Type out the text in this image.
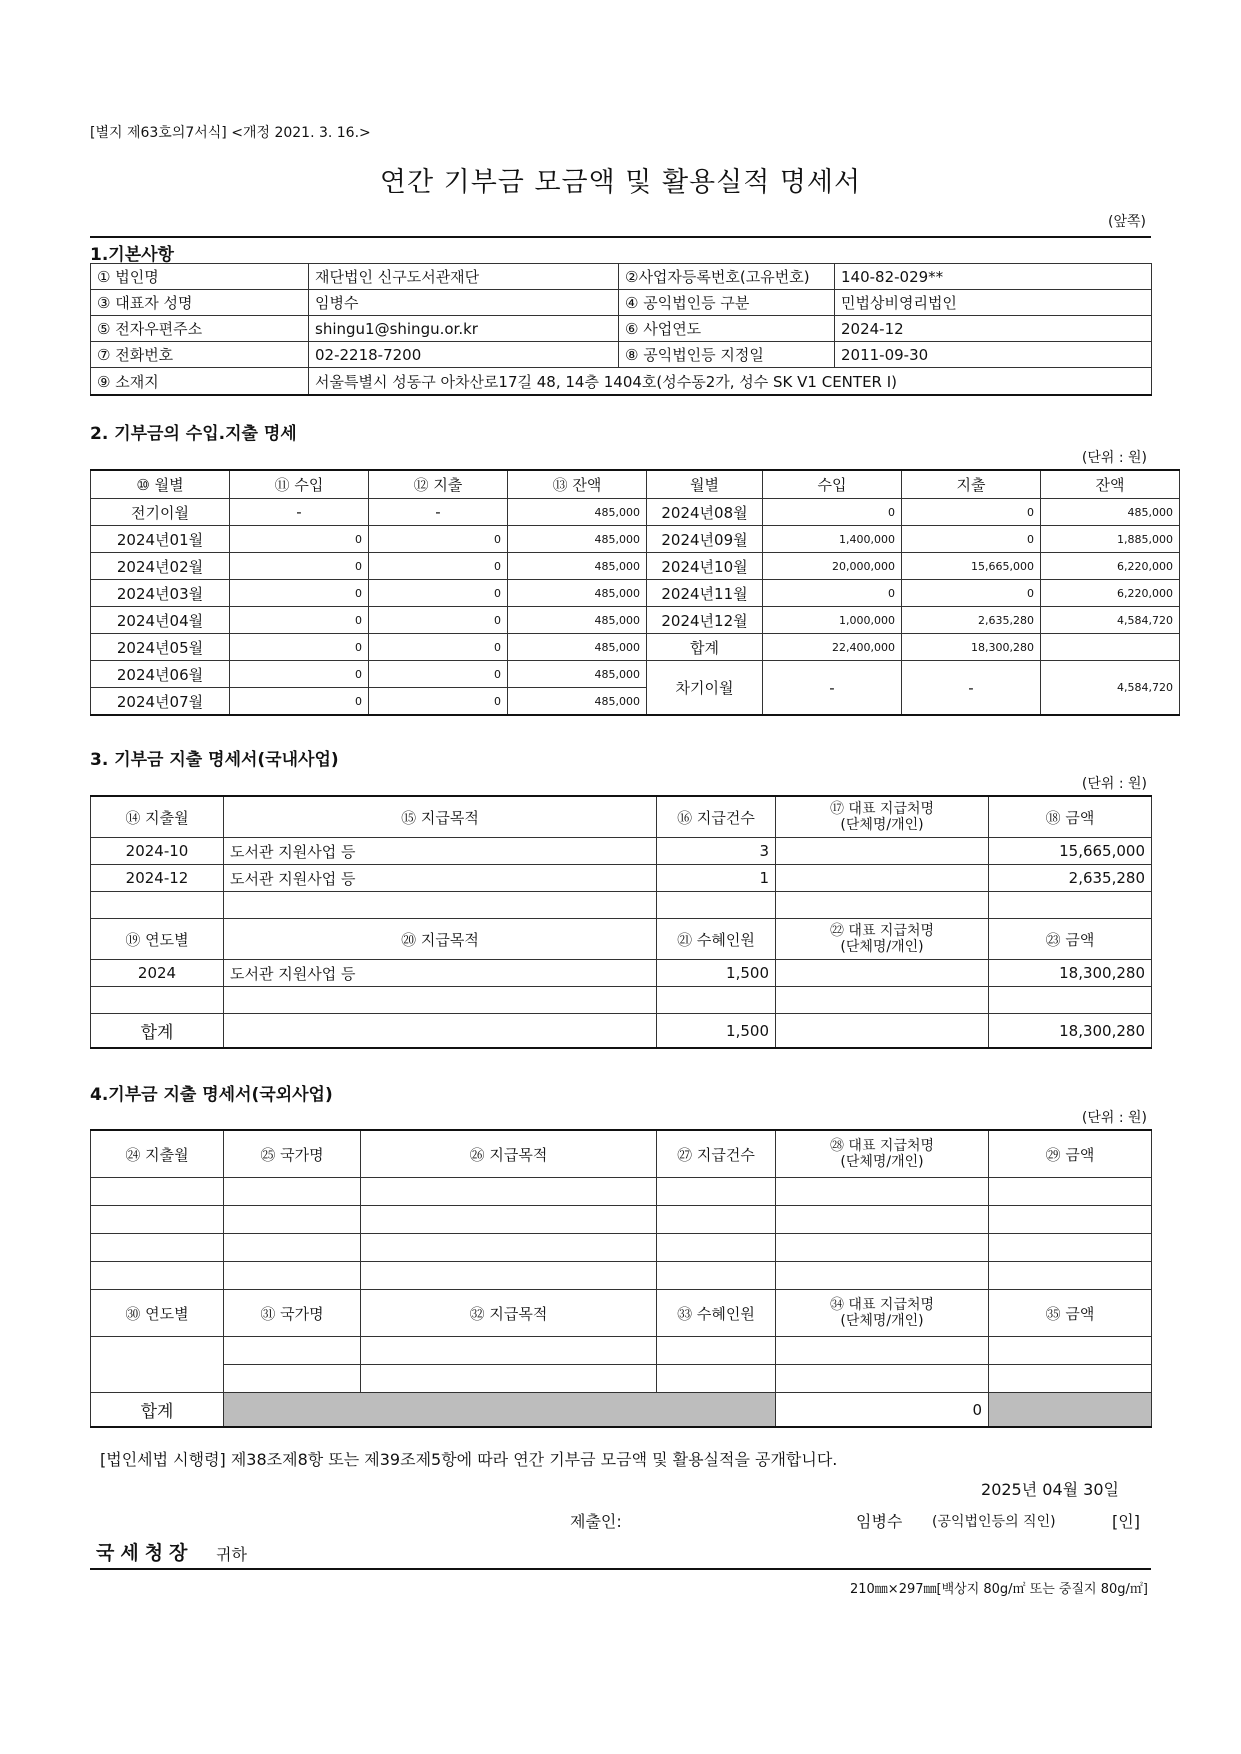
[별지 제63호의7서식] <개정 2021. 3. 16.>
연간 기부금 모금액 및 활용실적 명세서
(앞쪽)
1.기본사항
① 법인명	재단법인 신구도서관재단	②사업자등록번호(고유번호)	140-82-029**
③ 대표자 성명	임병수	④ 공익법인등 구분	민법상비영리법인
⑤ 전자우편주소	shingu1@shingu.or.kr	⑥ 사업연도	2024-12
⑦ 전화번호	02-2218-7200	⑧ 공익법인등 지정일	2011-09-30
⑨ 소재지	서울특별시 성동구 아차산로17길 48, 14층 1404호(성수동2가, 성수 SK V1 CENTER I)		
2. 기부금의 수입.지출 명세
(단위 : 원)
⑩ 월별	⑪ 수입	⑫ 지출	⑬ 잔액	월별	수입	지출	잔액
전기이월	-	-	485,000	2024년08월	0	0	485,000
2024년01월	0	0	485,000	2024년09월	1,400,000	0	1,885,000
2024년02월	0	0	485,000	2024년10월	20,000,000	15,665,000	6,220,000
2024년03월	0	0	485,000	2024년11월	0	0	6,220,000
2024년04월	0	0	485,000	2024년12월	1,000,000	2,635,280	4,584,720
2024년05월	0	0	485,000	합계	22,400,000	18,300,280	
2024년06월	0	0	485,000	차기이월	-	-	4,584,720
2024년07월	0	0	485,000				
3. 기부금 지출 명세서(국내사업)
(단위 : 원)
⑭ 지출월	⑮ 지급목적	⑯ 지급건수	⑰ 대표 지급처명
(단체명/개인)	⑱ 금액
2024-10	도서관 지원사업 등	3		15,665,000
2024-12	도서관 지원사업 등	1		2,635,280

⑲ 연도별	⑳ 지급목적	㉑ 수혜인원	㉒ 대표 지급처명
(단체명/개인)	㉓ 금액
2024	도서관 지원사업 등	1,500		18,300,280

합계		1,500		18,300,280
4.기부금 지출 명세서(국외사업)
(단위 : 원)
㉔ 지출월	㉕ 국가명	㉖ 지급목적	㉗ 지급건수	㉘ 대표 지급처명
(단체명/개인)	㉙ 금액	

㉚ 연도별	㉛ 국가명	㉜ 지급목적	㉝ 수혜인원	㉞ 대표 지급처명
(단체명/개인)	㉟ 금액	

합계				0		
[법인세법 시행령] 제38조제8항 또는 제39조제5항에 따라 연간 기부금 모금액 및 활용실적을 공개합니다.
2025년 04월 30일
제출인:	임병수 (공익법인등의 직인)	[인]
국세청장 귀하
210㎜×297㎜[백상지 80g/㎡ 또는 중질지 80g/㎡]
